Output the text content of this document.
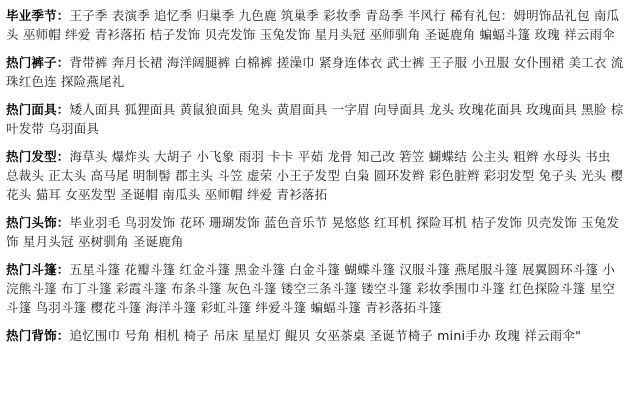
毕业季节：王子季 表演季 追忆季 归巢季 九色鹿 筑巢季 彩妆季 青岛季 半风行 稀有礼包：姆明饰品礼包 南瓜头 巫师帽 绊爱 青衫落拓 桔子发饰 贝壳发饰 玉兔发饰 星月头冠 巫师驯角 圣诞鹿角 蝙蝠斗篷 玫瑰 祥云雨伞
热门裤子：背带裤 奔月长裙 海洋阔腿裤 白棉裤 搓澡巾 紧身连体衣 武士裤 王子服 小丑服 女仆围裙 美工衣 流珠红色连 探险燕尾礼
热门面具：矮人面具 狐狸面具 黄鼠狼面具 兔头 黄眉面具 一字眉 向导面具 龙头 玫瑰花面具 玫瑰面具 黑脸 棕叶发带 乌羽面具
热门发型：海草头 爆炸头 大胡子 小飞象 雨羽 卡卡 平茹 龙骨 知己改 箬笠 蝴蝶结 公主头 粗辫 水母头 书虫 总裁头 正太头 高马尾 明制髻 郡主头 斗笠 虚荣 小王子发型 白枭 圆环发辫 彩色脏辫 彩羽发型 兔子头 光头 樱花头 猫耳 女巫发型 圣诞帽 南瓜头 巫师帽 绊爱 青衫落拓
热门头饰：毕业羽毛 鸟羽发饰 花环 珊瑚发饰 蓝色音乐节 晃悠悠 红耳机 探险耳机 桔子发饰 贝壳发饰 玉兔发饰 星月头冠 巫树驯角 圣诞鹿角
热门斗篷：五星斗篷 花瓣斗篷 红金斗篷 黑金斗篷 白金斗篷 蝴蝶斗篷 汉服斗篷 燕尾服斗篷 展翼圆环斗篷 小浣熊斗篷 布丁斗篷 彩霞斗篷 布条斗篷 灰色斗篷 镂空三条斗篷 镂空斗篷 彩妆季围巾斗篷 红色探险斗篷 星空斗篷 鸟羽斗篷 樱花斗篷 海洋斗篷 彩虹斗篷 绊爱斗篷 蝙蝠斗篷 青衫落拓斗篷
热门背饰：追忆围巾 号角 相机 椅子 吊床 星星灯 鲲贝 女巫茶桌 圣诞节椅子 mini手办 玫瑰 祥云雨伞"
